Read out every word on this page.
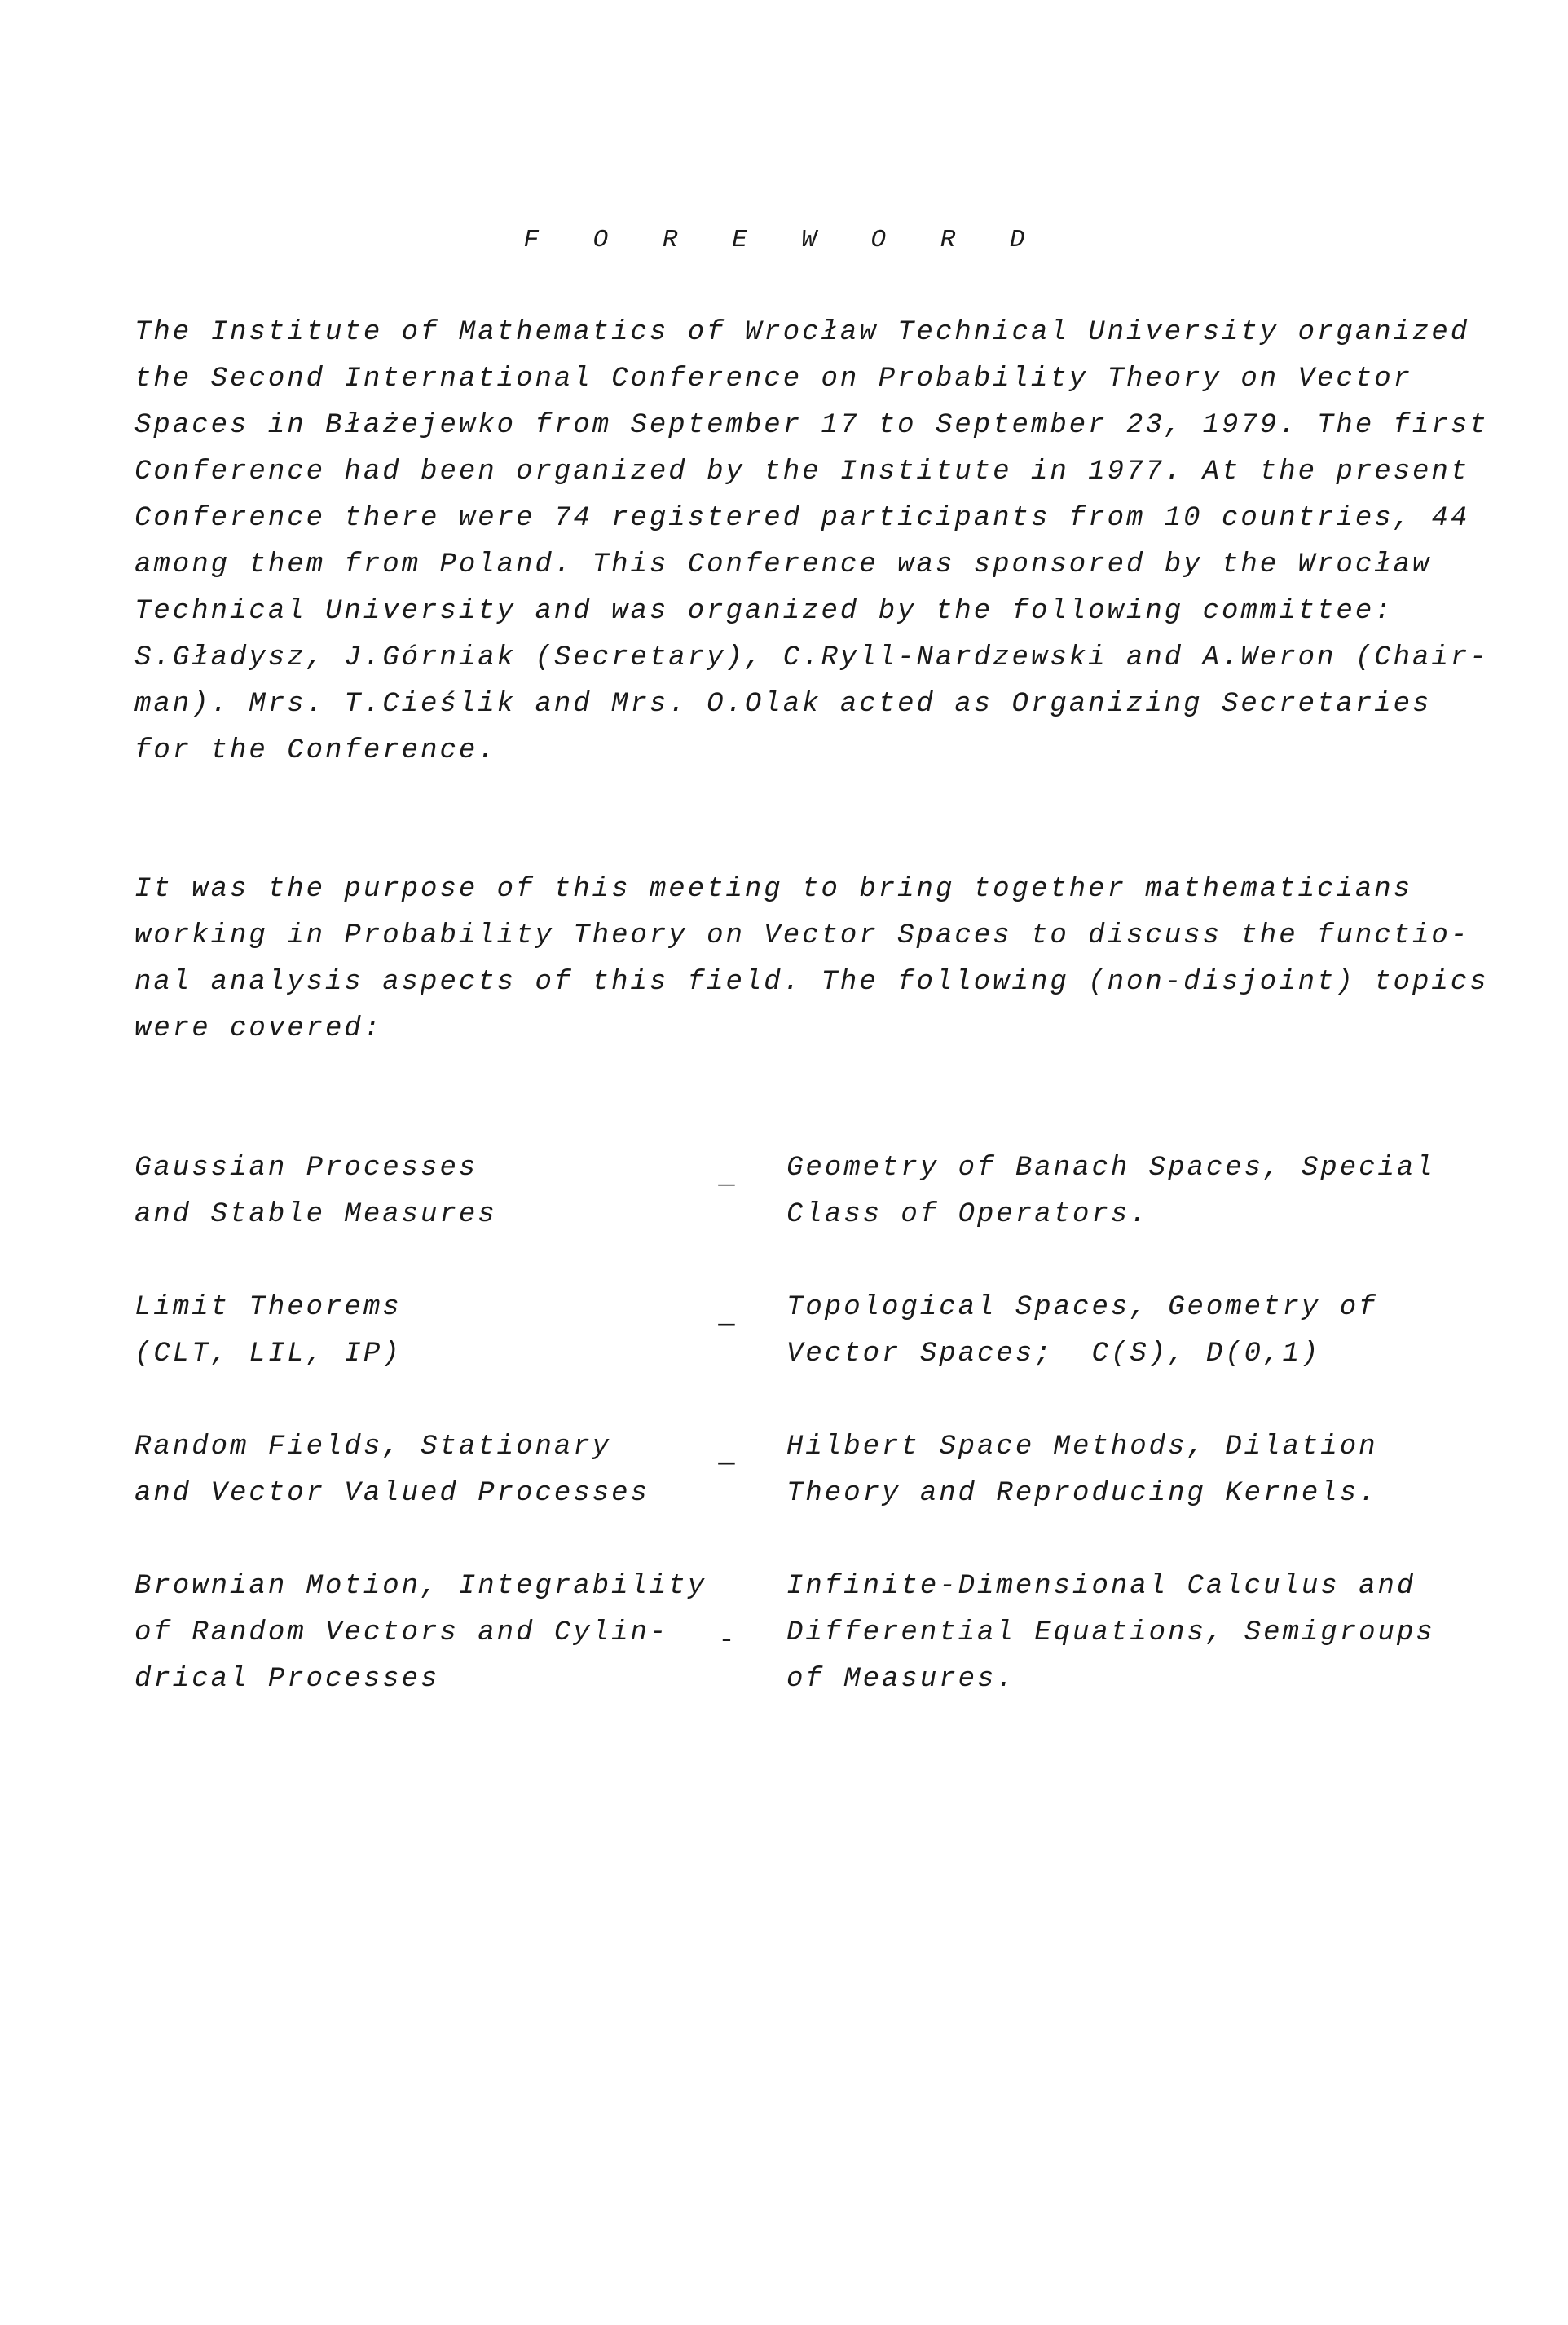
F O R E W O R D
The Institute of Mathematics of Wrocław Technical University organized
the Second International Conference on Probability Theory on Vector
Spaces in Błażejewko from September 17 to September 23, 1979. The first
Conference had been organized by the Institute in 1977. At the present
Conference there were 74 registered participants from 10 countries, 44
among them from Poland. This Conference was sponsored by the Wrocław
Technical University and was organized by the following committee:
S.Gładysz, J.Górniak (Secretary), C.Ryll-Nardzewski and A.Weron (Chair-
man). Mrs. T.Cieślik and Mrs. O.Olak acted as Organizing Secretaries
for the Conference.
It was the purpose of this meeting to bring together mathematicians
working in Probability Theory on Vector Spaces to discuss the functio-
nal analysis aspects of this field. The following (non-disjoint) topics
were covered:
Gaussian Processes
and Stable Measures
_ Geometry of Banach Spaces, Special
Class of Operators.
Limit Theorems
(CLT, LIL, IP)
_ Topological Spaces, Geometry of
Vector Spaces;  C(S), D(0,1)
Random Fields, Stationary
and Vector Valued Processes
_ Hilbert Space Methods, Dilation
Theory and Reproducing Kernels.
Brownian Motion, Integrability
of Random Vectors and Cylin-
drical Processes
-
Infinite-Dimensional Calculus and
Differential Equations, Semigroups
of Measures.
